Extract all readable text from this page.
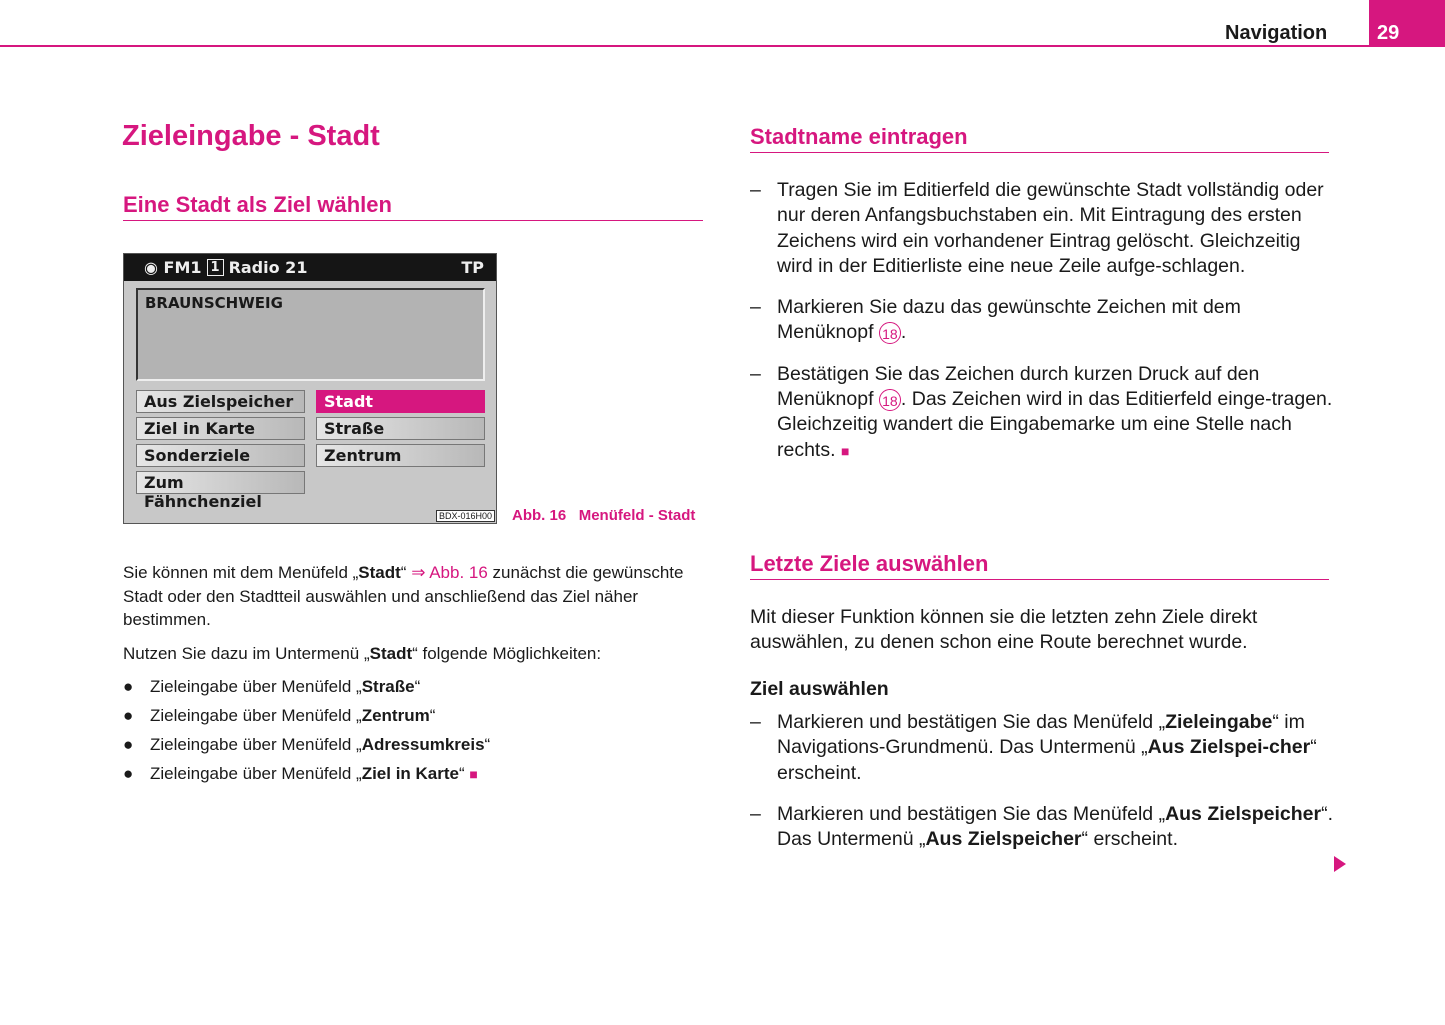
Navigation	29
Zieleingabe - Stadt
Eine Stadt als Ziel wählen
◉ FM1 1 Radio 21	TP
BRAUNSCHWEIG
Aus Zielspeicher
Ziel in Karte
Sonderziele
Zum Fähnchenziel
Stadt
Straße
Zentrum
BDX-016H00 Abb. 16 Menüfeld - Stadt

Sie können mit dem Menüfeld „Stadt“ ⇒ Abb. 16 zunächst die gewünschte Stadt oder den Stadtteil auswählen und anschließend das Ziel näher bestimmen.

Nutzen Sie dazu im Untermenü „Stadt“ folgende Möglichkeiten:

● Zieleingabe über Menüfeld „Straße“
● Zieleingabe über Menüfeld „Zentrum“
● Zieleingabe über Menüfeld „Adressumkreis“
● Zieleingabe über Menüfeld „Ziel in Karte“ ■
Stadtname eintragen
– Tragen Sie im Editierfeld die gewünschte Stadt vollständig oder nur deren Anfangsbuchstaben ein. Mit Eintragung des ersten Zeichens wird ein vorhandener Eintrag gelöscht. Gleichzeitig wird in der Editierliste eine neue Zeile aufge-schlagen.
– Markieren Sie dazu das gewünschte Zeichen mit dem Menüknopf 18 .
– Bestätigen Sie das Zeichen durch kurzen Druck auf den Menüknopf 18 . Das Zeichen wird in das Editierfeld einge-tragen. Gleichzeitig wandert die Eingabemarke um eine Stelle nach rechts. ■
Letzte Ziele auswählen
Mit dieser Funktion können sie die letzten zehn Ziele direkt auswählen, zu denen schon eine Route berechnet wurde.
Ziel auswählen
– Markieren und bestätigen Sie das Menüfeld „Zieleingabe“ im Navigations-Grundmenü. Das Untermenü „Aus Zielspei-cher“ erscheint.
– Markieren und bestätigen Sie das Menüfeld „Aus Zielspeicher“. Das Untermenü „Aus Zielspeicher“ erscheint.
